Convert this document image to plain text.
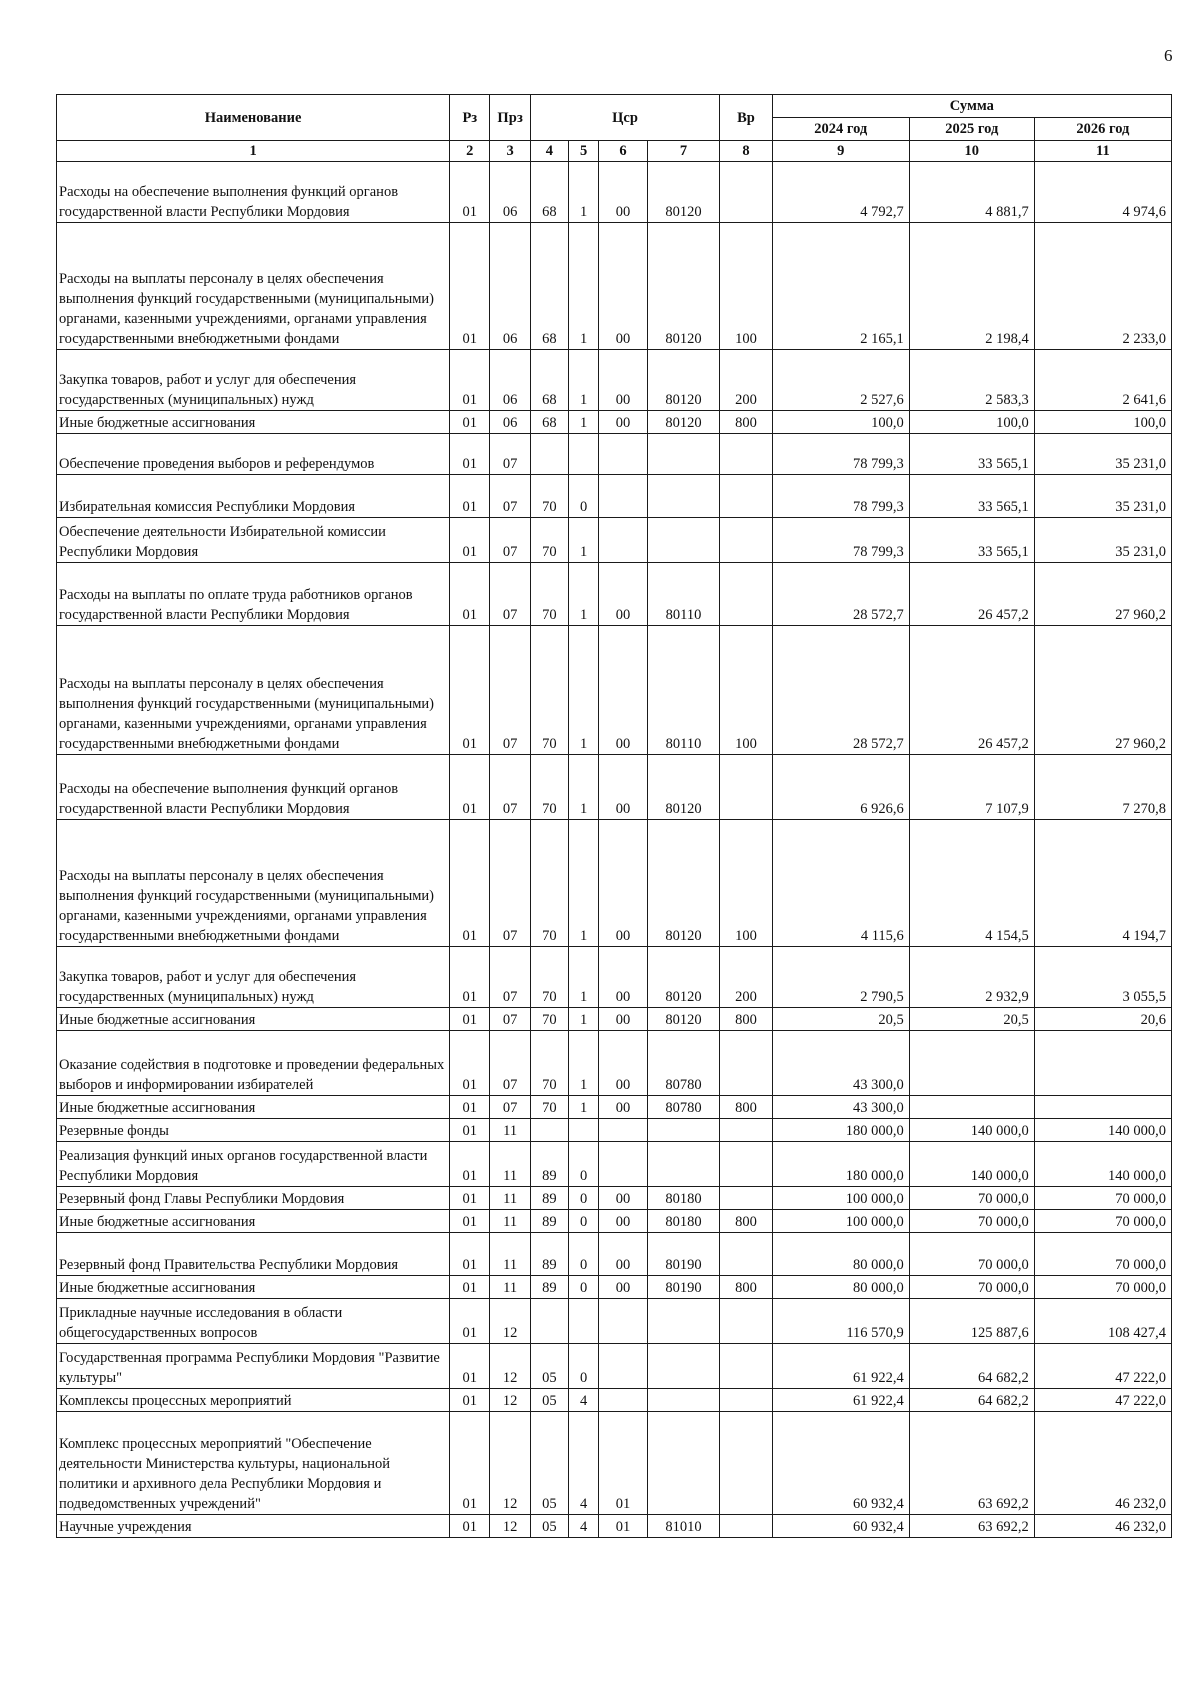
6
Наименование	Рз	Прз	Цср				Вр	Сумма		
								2024 год	2025 год	2026 год
1	2	3	4	5	6	7	8	9	10	11
Расходы на обеспечение выполнения функций органов государственной власти Республики Мордовия	01	06	68	1	00	80120		4 792,7	4 881,7	4 974,6
Расходы на выплаты персоналу в целях обеспечения выполнения функций государственными (муниципальными) органами, казенными учреждениями, органами управления государственными внебюджетными фондами	01	06	68	1	00	80120	100	2 165,1	2 198,4	2 233,0
Закупка товаров, работ и услуг для обеспечения государственных (муниципальных) нужд	01	06	68	1	00	80120	200	2 527,6	2 583,3	2 641,6
Иные бюджетные ассигнования	01	06	68	1	00	80120	800	100,0	100,0	100,0
Обеспечение проведения выборов и референдумов	01	07						78 799,3	33 565,1	35 231,0
Избирательная комиссия Республики Мордовия	01	07	70	0				78 799,3	33 565,1	35 231,0
Обеспечение деятельности Избирательной комиссии Республики Мордовия	01	07	70	1				78 799,3	33 565,1	35 231,0
Расходы на выплаты по оплате труда работников органов государственной власти Республики Мордовия	01	07	70	1	00	80110		28 572,7	26 457,2	27 960,2
Расходы на выплаты персоналу в целях обеспечения выполнения функций государственными (муниципальными) органами, казенными учреждениями, органами управления государственными внебюджетными фондами	01	07	70	1	00	80110	100	28 572,7	26 457,2	27 960,2
Расходы на обеспечение выполнения функций органов государственной власти Республики Мордовия	01	07	70	1	00	80120		6 926,6	7 107,9	7 270,8
Расходы на выплаты персоналу в целях обеспечения выполнения функций государственными (муниципальными) органами, казенными учреждениями, органами управления государственными внебюджетными фондами	01	07	70	1	00	80120	100	4 115,6	4 154,5	4 194,7
Закупка товаров, работ и услуг для обеспечения государственных (муниципальных) нужд	01	07	70	1	00	80120	200	2 790,5	2 932,9	3 055,5
Иные бюджетные ассигнования	01	07	70	1	00	80120	800	20,5	20,5	20,6
Оказание содействия в подготовке и проведении федеральных выборов и информировании избирателей	01	07	70	1	00	80780		43 300,0		
Иные бюджетные ассигнования	01	07	70	1	00	80780	800	43 300,0		
Резервные фонды	01	11						180 000,0	140 000,0	140 000,0
Реализация функций иных органов государственной власти Республики Мордовия	01	11	89	0				180 000,0	140 000,0	140 000,0
Резервный фонд Главы Республики Мордовия	01	11	89	0	00	80180		100 000,0	70 000,0	70 000,0
Иные бюджетные ассигнования	01	11	89	0	00	80180	800	100 000,0	70 000,0	70 000,0
Резервный фонд Правительства Республики Мордовия	01	11	89	0	00	80190		80 000,0	70 000,0	70 000,0
Иные бюджетные ассигнования	01	11	89	0	00	80190	800	80 000,0	70 000,0	70 000,0
Прикладные научные исследования в области общегосударственных вопросов	01	12						116 570,9	125 887,6	108 427,4
Государственная программа Республики Мордовия "Развитие культуры"	01	12	05	0				61 922,4	64 682,2	47 222,0
Комплексы процессных мероприятий	01	12	05	4				61 922,4	64 682,2	47 222,0
Комплекс процессных мероприятий "Обеспечение деятельности Министерства культуры, национальной политики и архивного дела Республики Мордовия и подведомственных учреждений"	01	12	05	4	01			60 932,4	63 692,2	46 232,0
Научные учреждения	01	12	05	4	01	81010		60 932,4	63 692,2	46 232,0
